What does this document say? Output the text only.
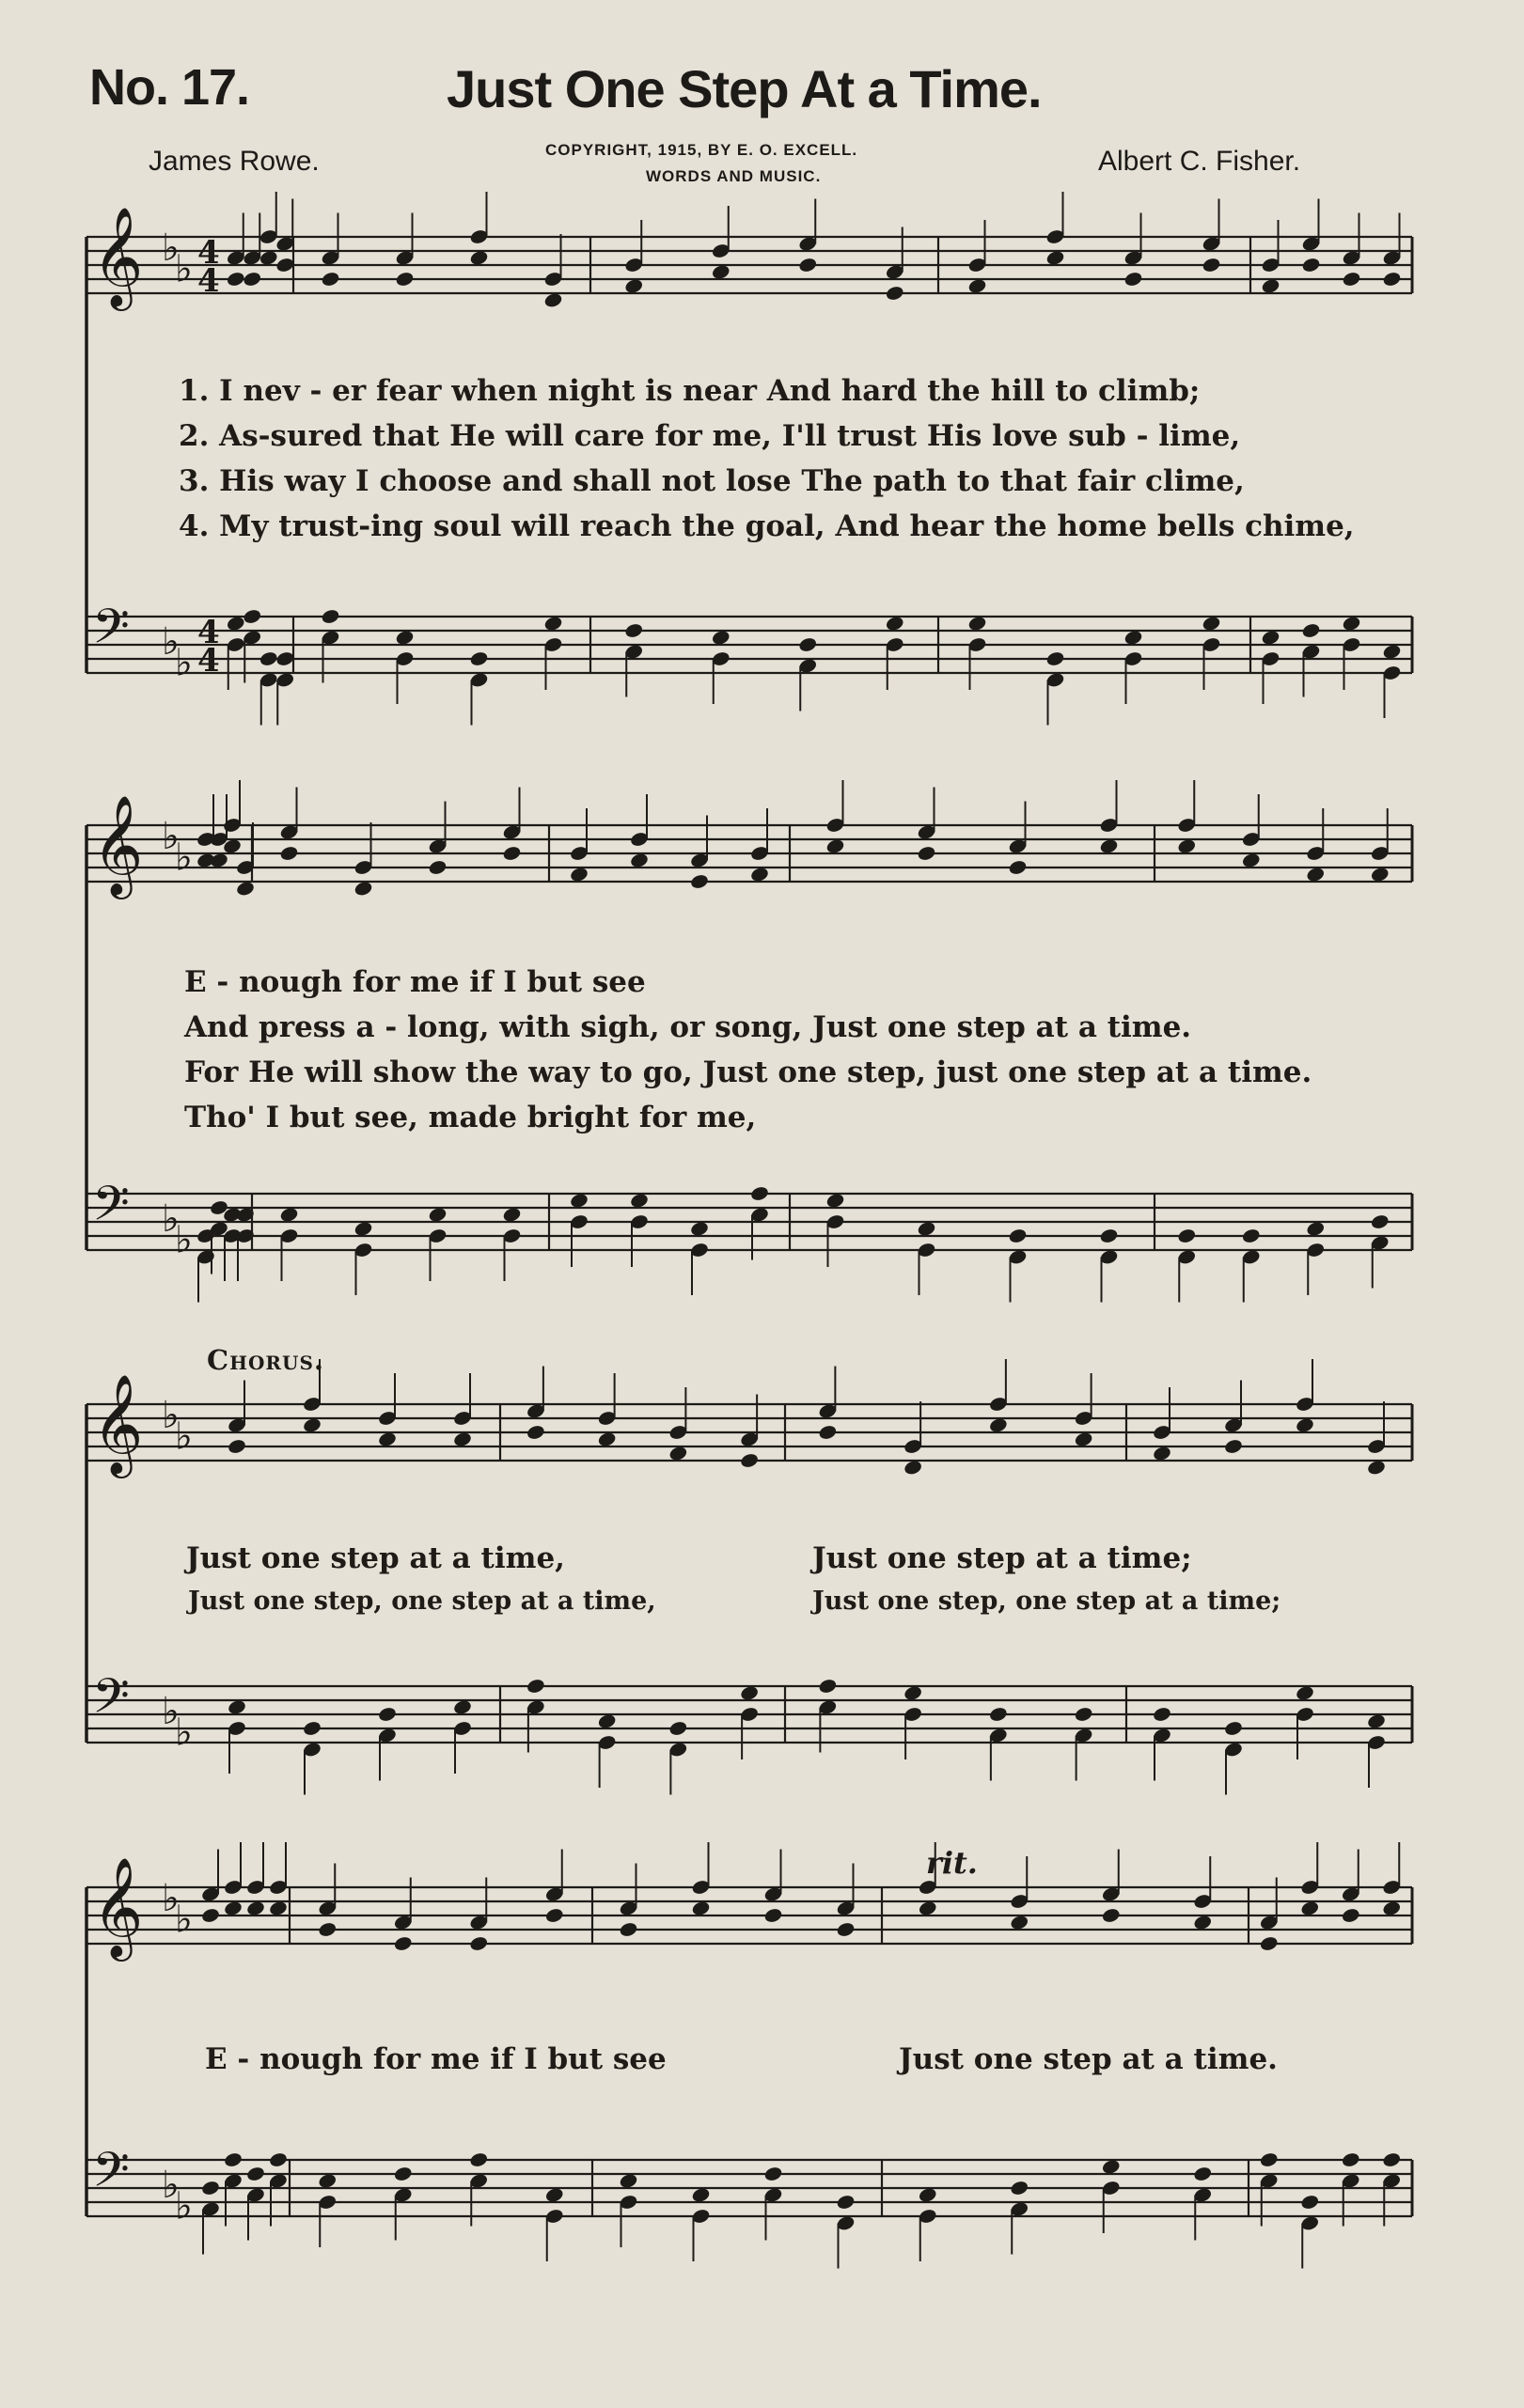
No. 17.	Just One Step At a Time.
James Rowe.	COPYRIGHT, 1915, BY E. O. EXCELL.
WORDS AND MUSIC.	Albert C. Fisher.
𝄞 ♭
♭ 4
4
𝄢 ♭
♭
4
4
𝄞 ♭
♭
𝄢 ♭
♭
𝄞 ♭
♭
𝄢 ♭
♭
𝄞 ♭
♭
𝄢 ♭
♭
1. I nev - er fear when night is near And hard the hill to climb;
2. As-sured that He will care for me, I'll trust His love sub - lime,
3. His way I choose and shall not lose The path to that fair clime,
4. My trust-ing soul will reach the goal, And hear the home bells chime,
E - nough for me if I but see
And press a - long, with sigh, or song, Just one step at a time.
For He will show the way to go, Just one step, just one step at a time.
Tho' I but see, made bright for me,
Chorus.
Just one step at a time,	Just one step at a time;
Just one step, one step at a time,	Just one step, one step at a time;
rit.
E - nough for me if I but see	Just one step at a time.
